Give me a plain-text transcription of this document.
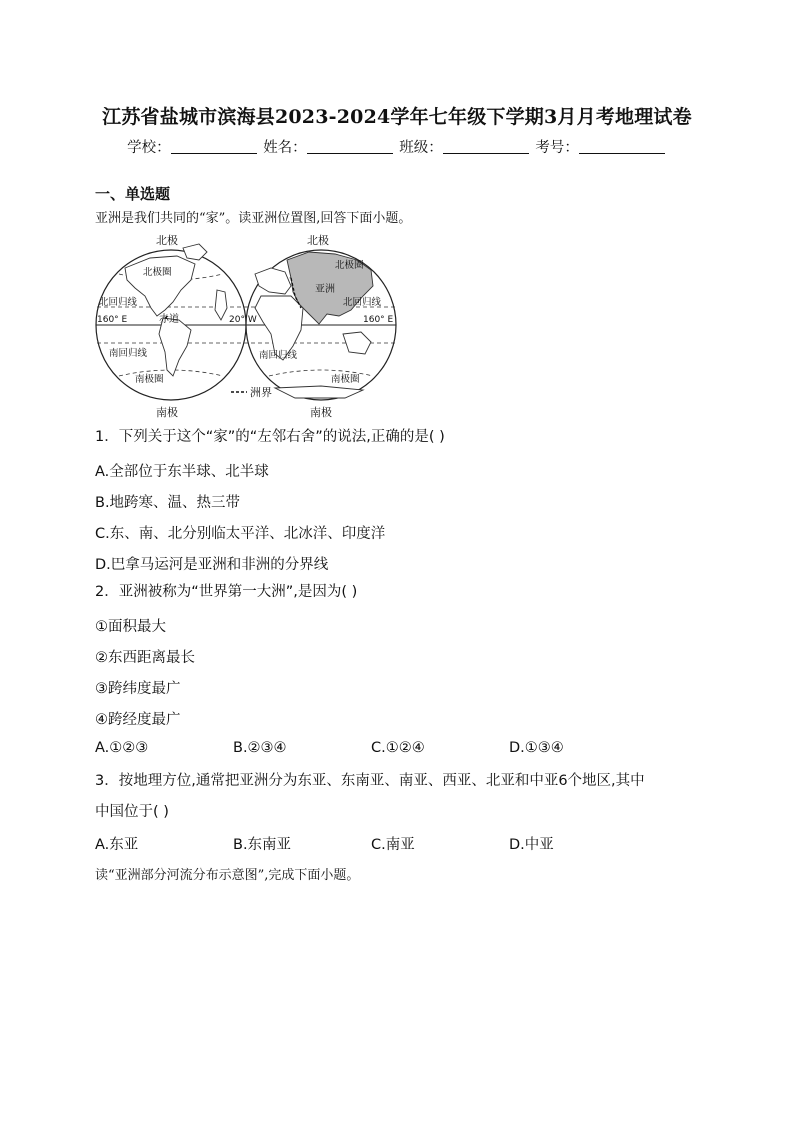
江苏省盐城市滨海县2023-2024学年七年级下学期3月月考地理试卷
学校：	姓名：	班级：	考号：
一、单选题
亚洲是我们共同的“家”。读亚洲位置图,回答下面小题。
北极	北极
南极	南极
北极圈
北极圈
北回归线	北回归线
赤道
160° E	20° W	160° E
南回归线	南回归线
南极圈	南极圈
亚洲
洲界
1．下列关于这个“家”的“左邻右舍”的说法,正确的是( )
A.全部位于东半球、北半球
B.地跨寒、温、热三带
C.东、南、北分别临太平洋、北冰洋、印度洋
D.巴拿马运河是亚洲和非洲的分界线
2．亚洲被称为“世界第一大洲”,是因为( )
①面积最大
②东西距离最长
③跨纬度最广
④跨经度最广
A.①②③	B.②③④	C.①②④	D.①③④
3．按地理方位,通常把亚洲分为东亚、东南亚、南亚、西亚、北亚和中亚6个地区,其中
中国位于( )
A.东亚	B.东南亚	C.南亚	D.中亚
读“亚洲部分河流分布示意图”,完成下面小题。
